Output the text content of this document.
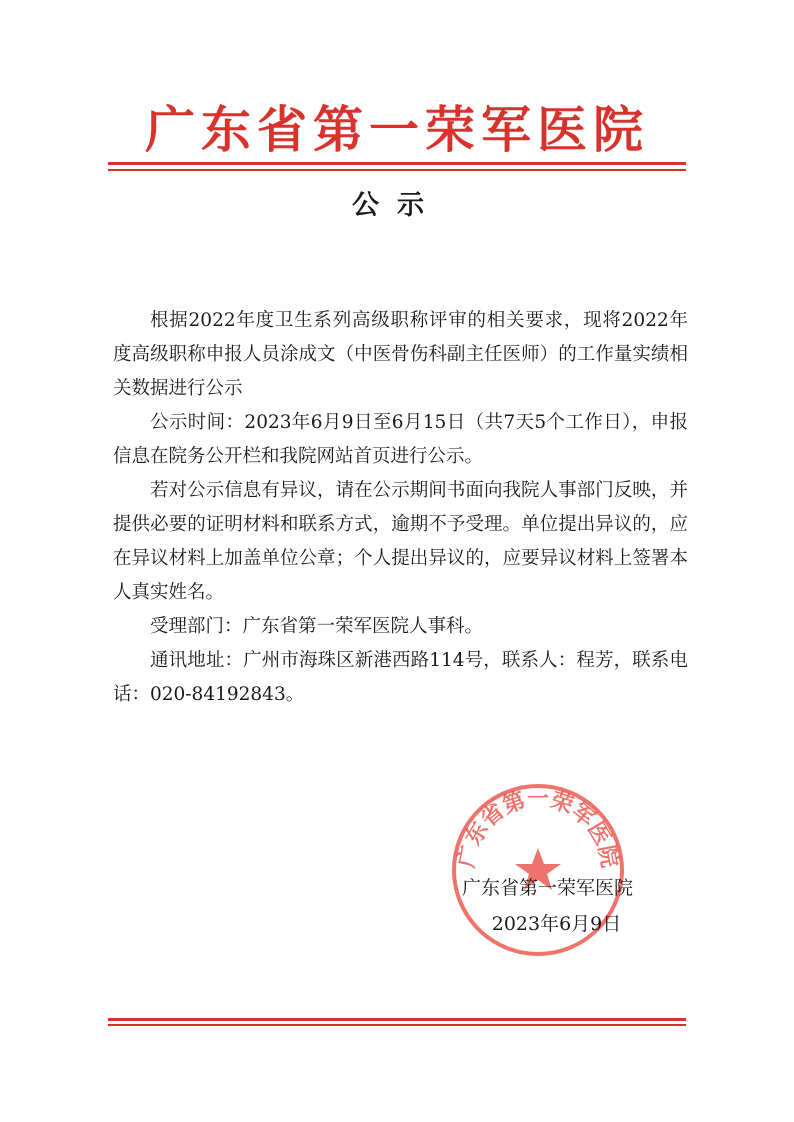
广东省第一荣军医院
公示

根据2022年度卫生系列高级职称评审的相关要求，现将2022年度高级职称申报人员涂成文（中医骨伤科副主任医师）的工作量实绩相关数据进行公示

公示时间：2023年6月9日至6月15日（共7天5个工作日），申报信息在院务公开栏和我院网站首页进行公示。

若对公示信息有异议，请在公示期间书面向我院人事部门反映，并提供必要的证明材料和联系方式，逾期不予受理。单位提出异议的，应在异议材料上加盖单位公章；个人提出异议的，应要异议材料上签署本人真实姓名。

受理部门：广东省第一荣军医院人事科。

通讯地址：广州市海珠区新港西路114号，联系人：程芳，联系电话：020-84192843。

广东省第一荣军医院
广东省第一荣军医院
2023年6月9日
